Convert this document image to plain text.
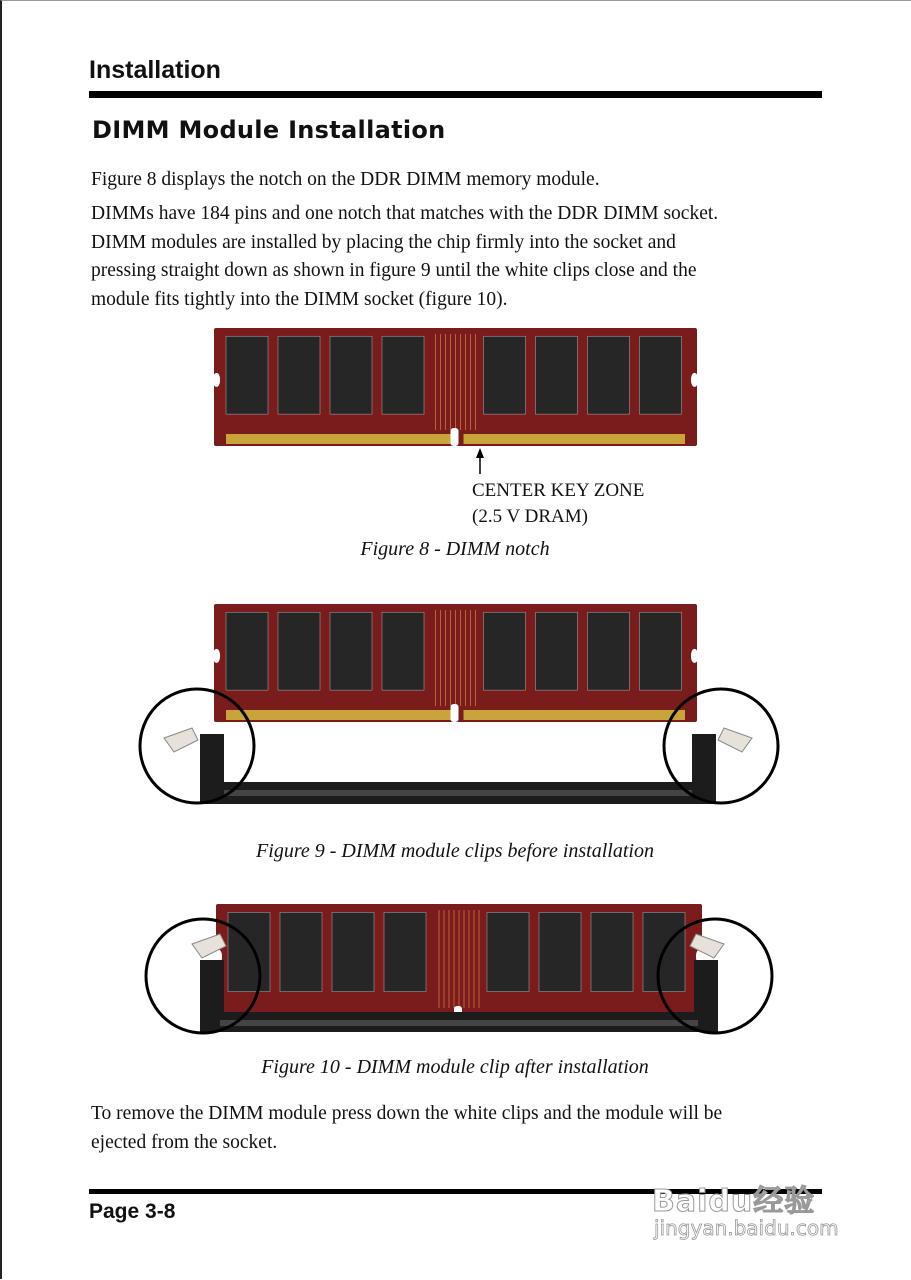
Installation
DIMM Module Installation
Figure 8 displays the notch on the DDR DIMM memory module.
DIMMs have 184 pins and one notch that matches with the DDR DIMM socket.
DIMM modules are installed by placing the chip firmly into the socket and
pressing straight down as shown in figure 9 until the white clips close and the
module fits tightly into the DIMM socket (figure 10).
CENTER KEY ZONE
(2.5 V DRAM)
Figure 8 - DIMM notch
Figure 9 - DIMM module clips before installation
Figure 10 - DIMM module clip after installation
To remove the DIMM module press down the white clips and the module will be
ejected from the socket.
Page 3-8	Baidu经验
jingyan.baidu.com
